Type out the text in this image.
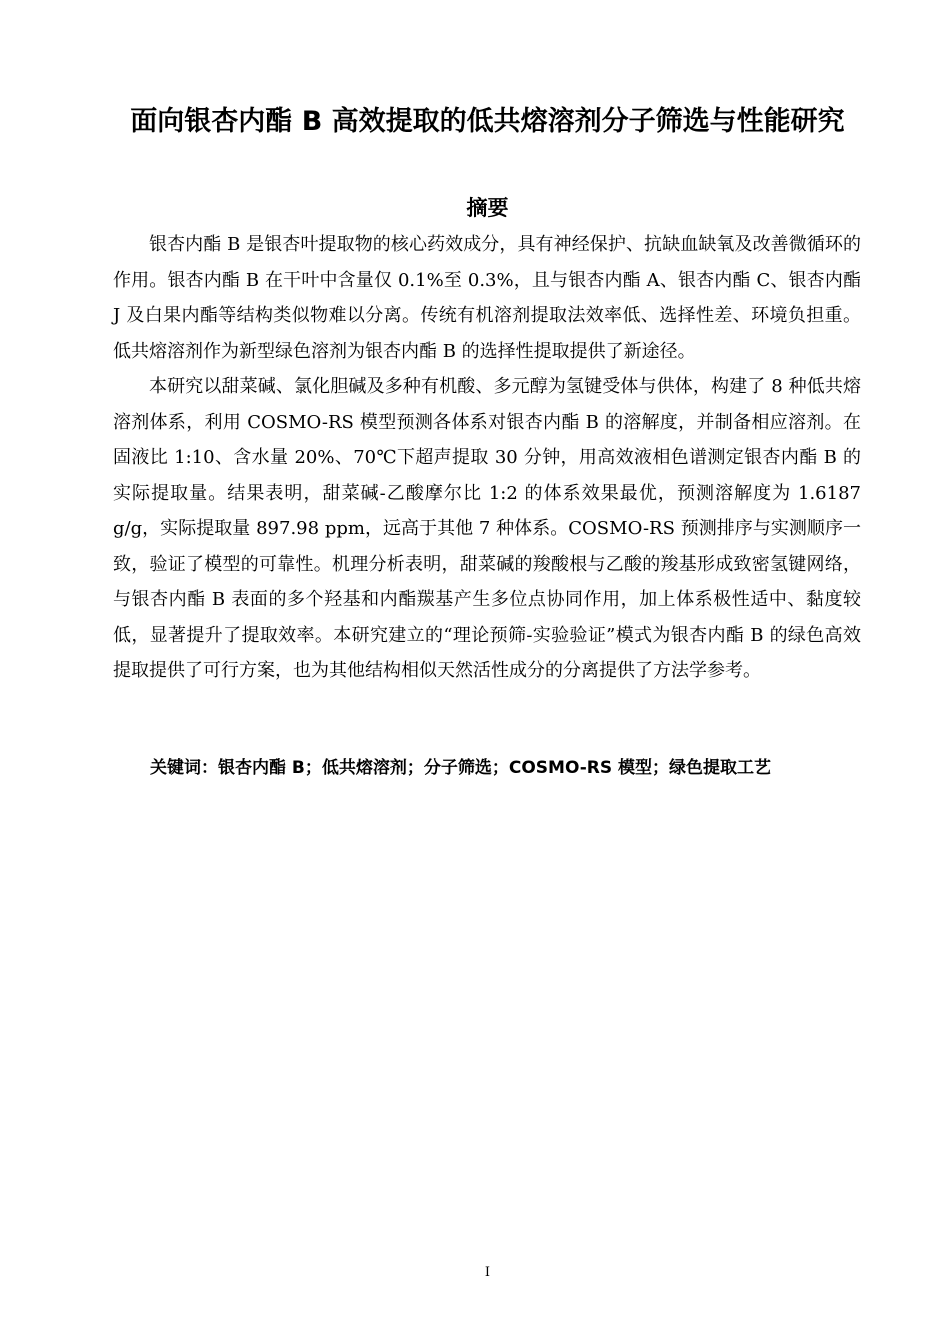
面向银杏内酯 B 高效提取的低共熔溶剂分子筛选与性能研究
摘要

银杏内酯 B 是银杏叶提取物的核心药效成分，具有神经保护、抗缺血缺氧及改善微循环的作用。银杏内酯 B 在干叶中含量仅 0.1%至 0.3%，且与银杏内酯 A、银杏内酯 C、银杏内酯 J 及白果内酯等结构类似物难以分离。传统有机溶剂提取法效率低、选择性差、环境负担重。低共熔溶剂作为新型绿色溶剂为银杏内酯 B 的选择性提取提供了新途径。

本研究以甜菜碱、氯化胆碱及多种有机酸、多元醇为氢键受体与供体，构建了 8 种低共熔溶剂体系，利用 COSMO-RS 模型预测各体系对银杏内酯 B 的溶解度，并制备相应溶剂。在固液比 1:10、含水量 20%、70℃下超声提取 30 分钟，用高效液相色谱测定银杏内酯 B 的实际提取量。结果表明，甜菜碱-乙酸摩尔比 1:2 的体系效果最优，预测溶解度为 1.6187 g/g，实际提取量 897.98 ppm，远高于其他 7 种体系。COSMO-RS 预测排序与实测顺序一致，验证了模型的可靠性。机理分析表明，甜菜碱的羧酸根与乙酸的羧基形成致密氢键网络，与银杏内酯 B 表面的多个羟基和内酯羰基产生多位点协同作用，加上体系极性适中、黏度较低，显著提升了提取效率。本研究建立的“理论预筛-实验验证”模式为银杏内酯 B 的绿色高效提取提供了可行方案，也为其他结构相似天然活性成分的分离提供了方法学参考。

关键词：银杏内酯 B；低共熔溶剂；分子筛选；COSMO-RS 模型；绿色提取工艺

I
